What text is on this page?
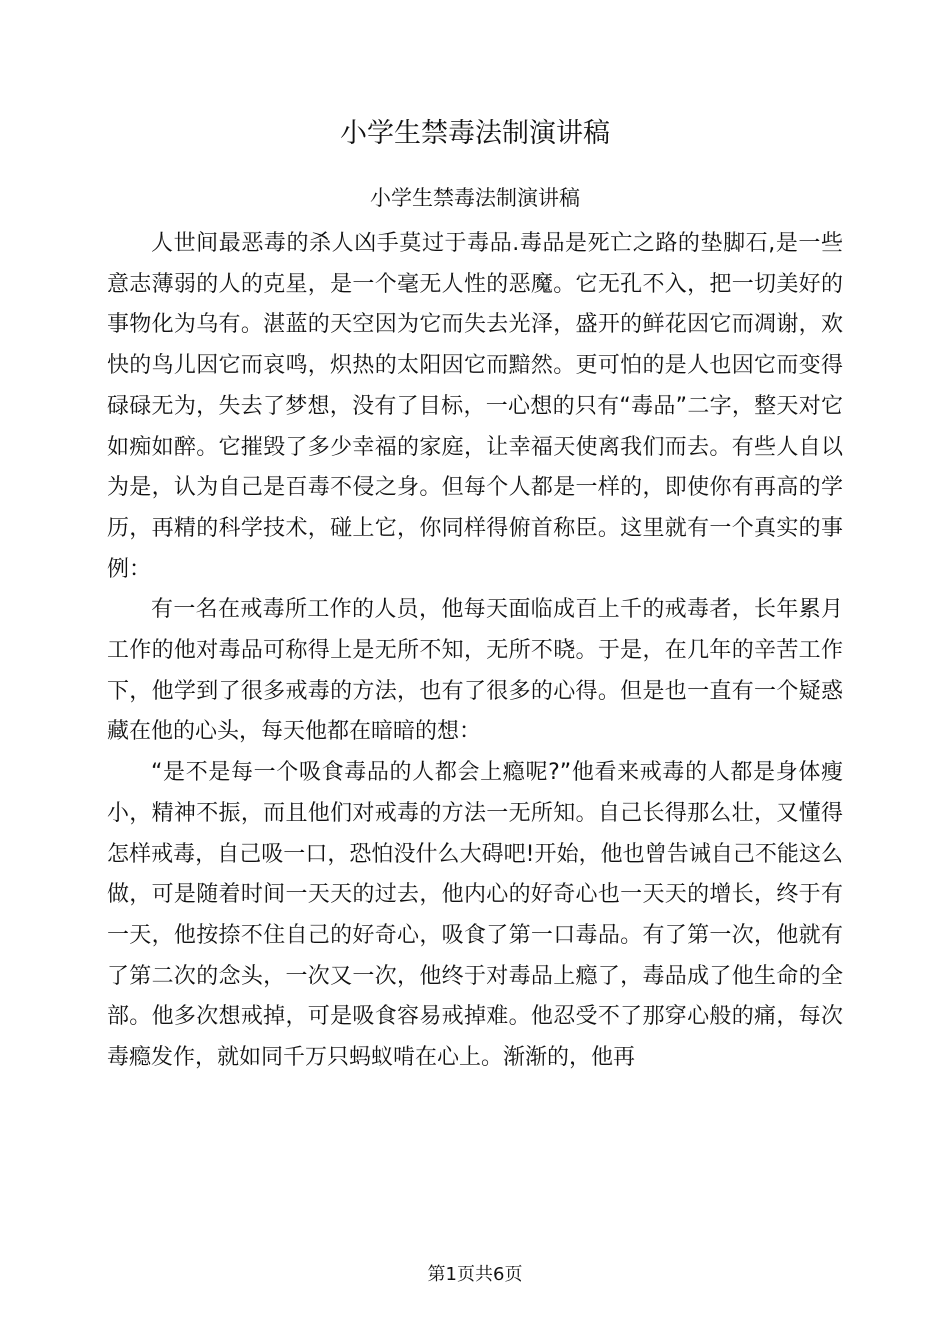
小学生禁毒法制演讲稿
小学生禁毒法制演讲稿

人世间最恶毒的杀人凶手莫过于毒品.毒品是死亡之路的垫脚石,是一些意志薄弱的人的克星，是一个毫无人性的恶魔。它无孔不入，把一切美好的事物化为乌有。湛蓝的天空因为它而失去光泽，盛开的鲜花因它而凋谢，欢快的鸟儿因它而哀鸣，炽热的太阳因它而黯然。更可怕的是人也因它而变得碌碌无为，失去了梦想，没有了目标，一心想的只有“毒品”二字，整天对它如痴如醉。它摧毁了多少幸福的家庭，让幸福天使离我们而去。有些人自以为是，认为自己是百毒不侵之身。但每个人都是一样的，即使你有再高的学历，再精的科学技术，碰上它，你同样得俯首称臣。这里就有一个真实的事例：

有一名在戒毒所工作的人员，他每天面临成百上千的戒毒者，长年累月工作的他对毒品可称得上是无所不知，无所不晓。于是，在几年的辛苦工作下，他学到了很多戒毒的方法，也有了很多的心得。但是也一直有一个疑惑藏在他的心头，每天他都在暗暗的想：

“是不是每一个吸食毒品的人都会上瘾呢?”他看来戒毒的人都是身体瘦小，精神不振，而且他们对戒毒的方法一无所知。自己长得那么壮，又懂得怎样戒毒，自己吸一口，恐怕没什么大碍吧!开始，他也曾告诫自己不能这么做，可是随着时间一天天的过去，他内心的好奇心也一天天的增长，终于有一天，他按捺不住自己的好奇心，吸食了第一口毒品。有了第一次，他就有了第二次的念头，一次又一次，他终于对毒品上瘾了，毒品成了他生命的全部。他多次想戒掉，可是吸食容易戒掉难。他忍受不了那穿心般的痛，每次毒瘾发作，就如同千万只蚂蚁啃在心上。渐渐的，他再

第1页共6页
